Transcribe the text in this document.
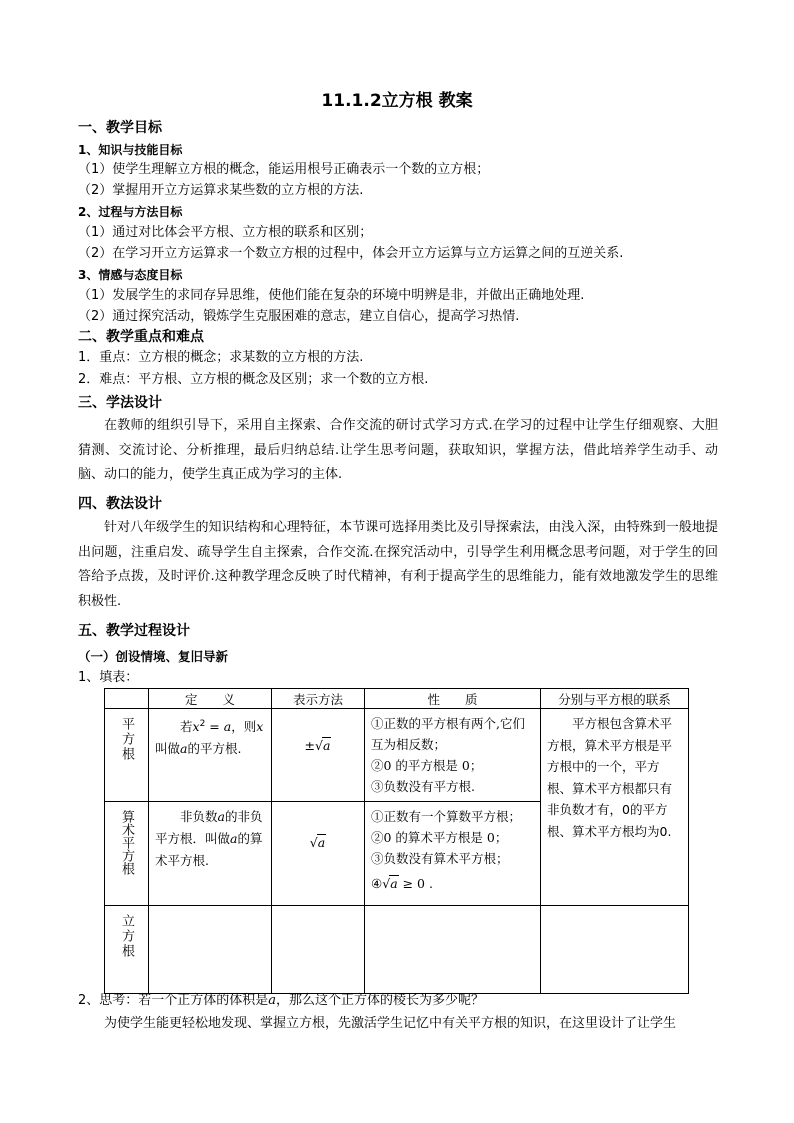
11.1.2立方根 教案
一、教学目标
1、知识与技能目标
（1）使学生理解立方根的概念，能运用根号正确表示一个数的立方根；
（2）掌握用开立方运算求某些数的立方根的方法.
2、过程与方法目标
（1）通过对比体会平方根、立方根的联系和区别；
（2）在学习开立方运算求一个数立方根的过程中，体会开立方运算与立方运算之间的互逆关系.
3、情感与态度目标
（1）发展学生的求同存异思维，使他们能在复杂的环境中明辨是非，并做出正确地处理.
（2）通过探究活动，锻炼学生克服困难的意志，建立自信心，提高学习热情.
二、教学重点和难点
1．重点：立方根的概念；求某数的立方根的方法.
2．难点：平方根、立方根的概念及区别；求一个数的立方根.
三、学法设计
在教师的组织引导下，采用自主探索、合作交流的研讨式学习方式.在学习的过程中让学生仔细观察、大胆猜测、交流讨论、分析推理，最后归纳总结.让学生思考问题，获取知识，掌握方法，借此培养学生动手、动脑、动口的能力，使学生真正成为学习的主体.
四、教法设计
针对八年级学生的知识结构和心理特征，本节课可选择用类比及引导探索法，由浅入深，由特殊到一般地提出问题，注重启发、疏导学生自主探索，合作交流.在探究活动中，引导学生利用概念思考问题，对于学生的回答给予点拨，及时评价.这种教学理念反映了时代精神，有利于提高学生的思维能力，能有效地激发学生的思维积极性.
五、教学过程设计
（一）创设情境、复旧导新
1、填表：
	定　　义	表示方法	性　　质	分别与平方根的联系

平方根	若$x^2 = a$，则x叫做a的平方根.	±√a	①正数的平方根有两个,它们互为相反数；
②0 的平方根是 0；
③负数没有平方根.	平方根包含算术平方根，算术平方根是平方根中的一个，平方根、算术平方根都只有非负数才有，0的平方根、算术平方根均为0.

算术平方根	非负数a的非负平方根．叫做a的算术平方根.	√a	①正数有一个算数平方根；
②0 的算术平方根是 0；
③负数没有算术平方根；
④√a ≥ 0 .	

立方根				

2、思考：若一个正方体的体积是a，那么这个正方体的棱长为多少呢？
为使学生能更轻松地发现、掌握立方根，先激活学生记忆中有关平方根的知识，在这里设计了让学生
